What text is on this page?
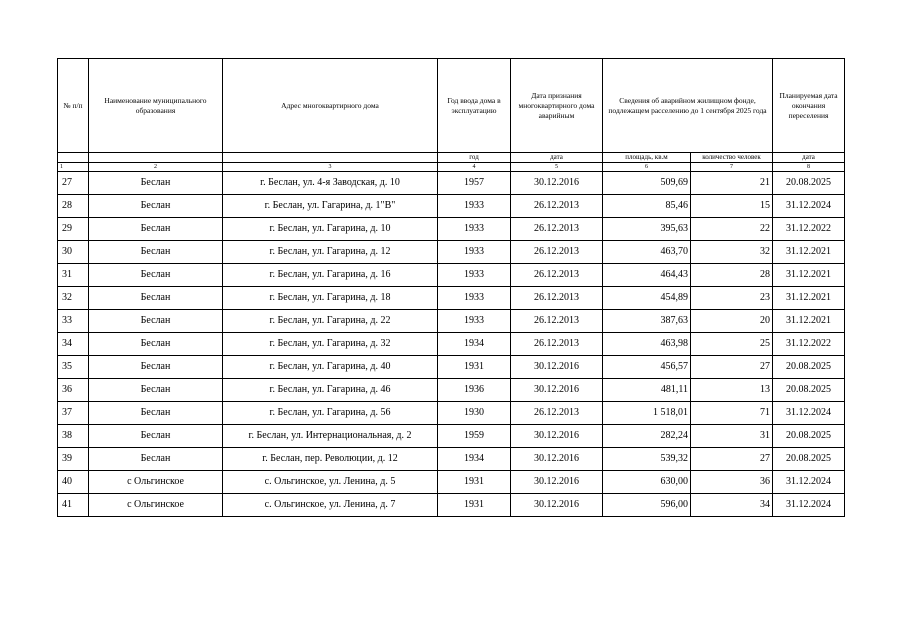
№ п/п	Наименование муниципального образования	Адрес многоквартирного дома	Год ввода дома в эксплуатацию	Дата признания многоквартирного дома аварийным	Сведения об аварийном жилищном фонде, подлежащем расселению до 1 сентября 2025 года		Планируемая дата окончания переселения
			год	дата	площадь, кв.м	количество человек	дата
1	2	3	4	5	6	7	8
27	Беслан	г. Беслан, ул. 4-я Заводская, д. 10	1957	30.12.2016	509,69	21	20.08.2025
28	Беслан	г. Беслан, ул. Гагарина, д. 1"В"	1933	26.12.2013	85,46	15	31.12.2024
29	Беслан	г. Беслан, ул. Гагарина, д. 10	1933	26.12.2013	395,63	22	31.12.2022
30	Беслан	г. Беслан, ул. Гагарина, д. 12	1933	26.12.2013	463,70	32	31.12.2021
31	Беслан	г. Беслан, ул. Гагарина, д. 16	1933	26.12.2013	464,43	28	31.12.2021
32	Беслан	г. Беслан, ул. Гагарина, д. 18	1933	26.12.2013	454,89	23	31.12.2021
33	Беслан	г. Беслан, ул. Гагарина, д. 22	1933	26.12.2013	387,63	20	31.12.2021
34	Беслан	г. Беслан, ул. Гагарина, д. 32	1934	26.12.2013	463,98	25	31.12.2022
35	Беслан	г. Беслан, ул. Гагарина, д. 40	1931	30.12.2016	456,57	27	20.08.2025
36	Беслан	г. Беслан, ул. Гагарина, д. 46	1936	30.12.2016	481,11	13	20.08.2025
37	Беслан	г. Беслан, ул. Гагарина, д. 56	1930	26.12.2013	1 518,01	71	31.12.2024
38	Беслан	г. Беслан, ул. Интернациональная, д. 2	1959	30.12.2016	282,24	31	20.08.2025
39	Беслан	г. Беслан, пер. Революции, д. 12	1934	30.12.2016	539,32	27	20.08.2025
40	с Ольгинское	с. Ольгинское, ул. Ленина, д. 5	1931	30.12.2016	630,00	36	31.12.2024
41	с Ольгинское	с. Ольгинское, ул. Ленина, д. 7	1931	30.12.2016	596,00	34	31.12.2024
